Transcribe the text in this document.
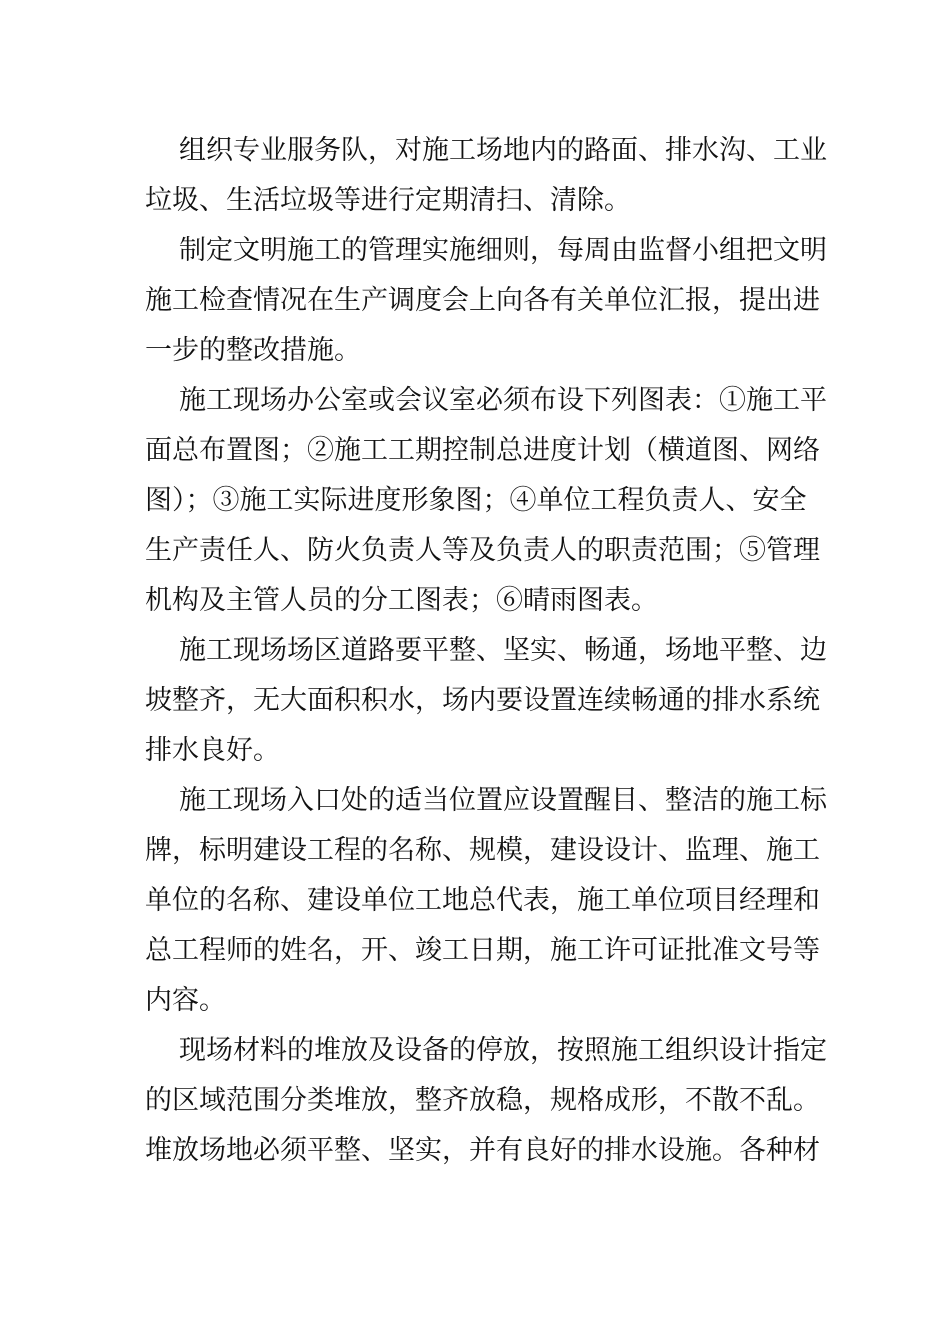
组织专业服务队，对施工场地内的路面、排水沟、工业
垃圾、生活垃圾等进行定期清扫、清除。
制定文明施工的管理实施细则，每周由监督小组把文明
施工检查情况在生产调度会上向各有关单位汇报，提出进
一步的整改措施。
施工现场办公室或会议室必须布设下列图表：①施工平
面总布置图；②施工工期控制总进度计划（横道图、网络
图）；③施工实际进度形象图；④单位工程负责人、安全
生产责任人、防火负责人等及负责人的职责范围；⑤管理
机构及主管人员的分工图表；⑥晴雨图表。
施工现场场区道路要平整、坚实、畅通，场地平整、边
坡整齐，无大面积积水，场内要设置连续畅通的排水系统
排水良好。
施工现场入口处的适当位置应设置醒目、整洁的施工标
牌，标明建设工程的名称、规模，建设设计、监理、施工
单位的名称、建设单位工地总代表，施工单位项目经理和
总工程师的姓名，开、竣工日期，施工许可证批准文号等
内容。
现场材料的堆放及设备的停放，按照施工组织设计指定
的区域范围分类堆放，整齐放稳，规格成形，不散不乱。
堆放场地必须平整、坚实，并有良好的排水设施。各种材
